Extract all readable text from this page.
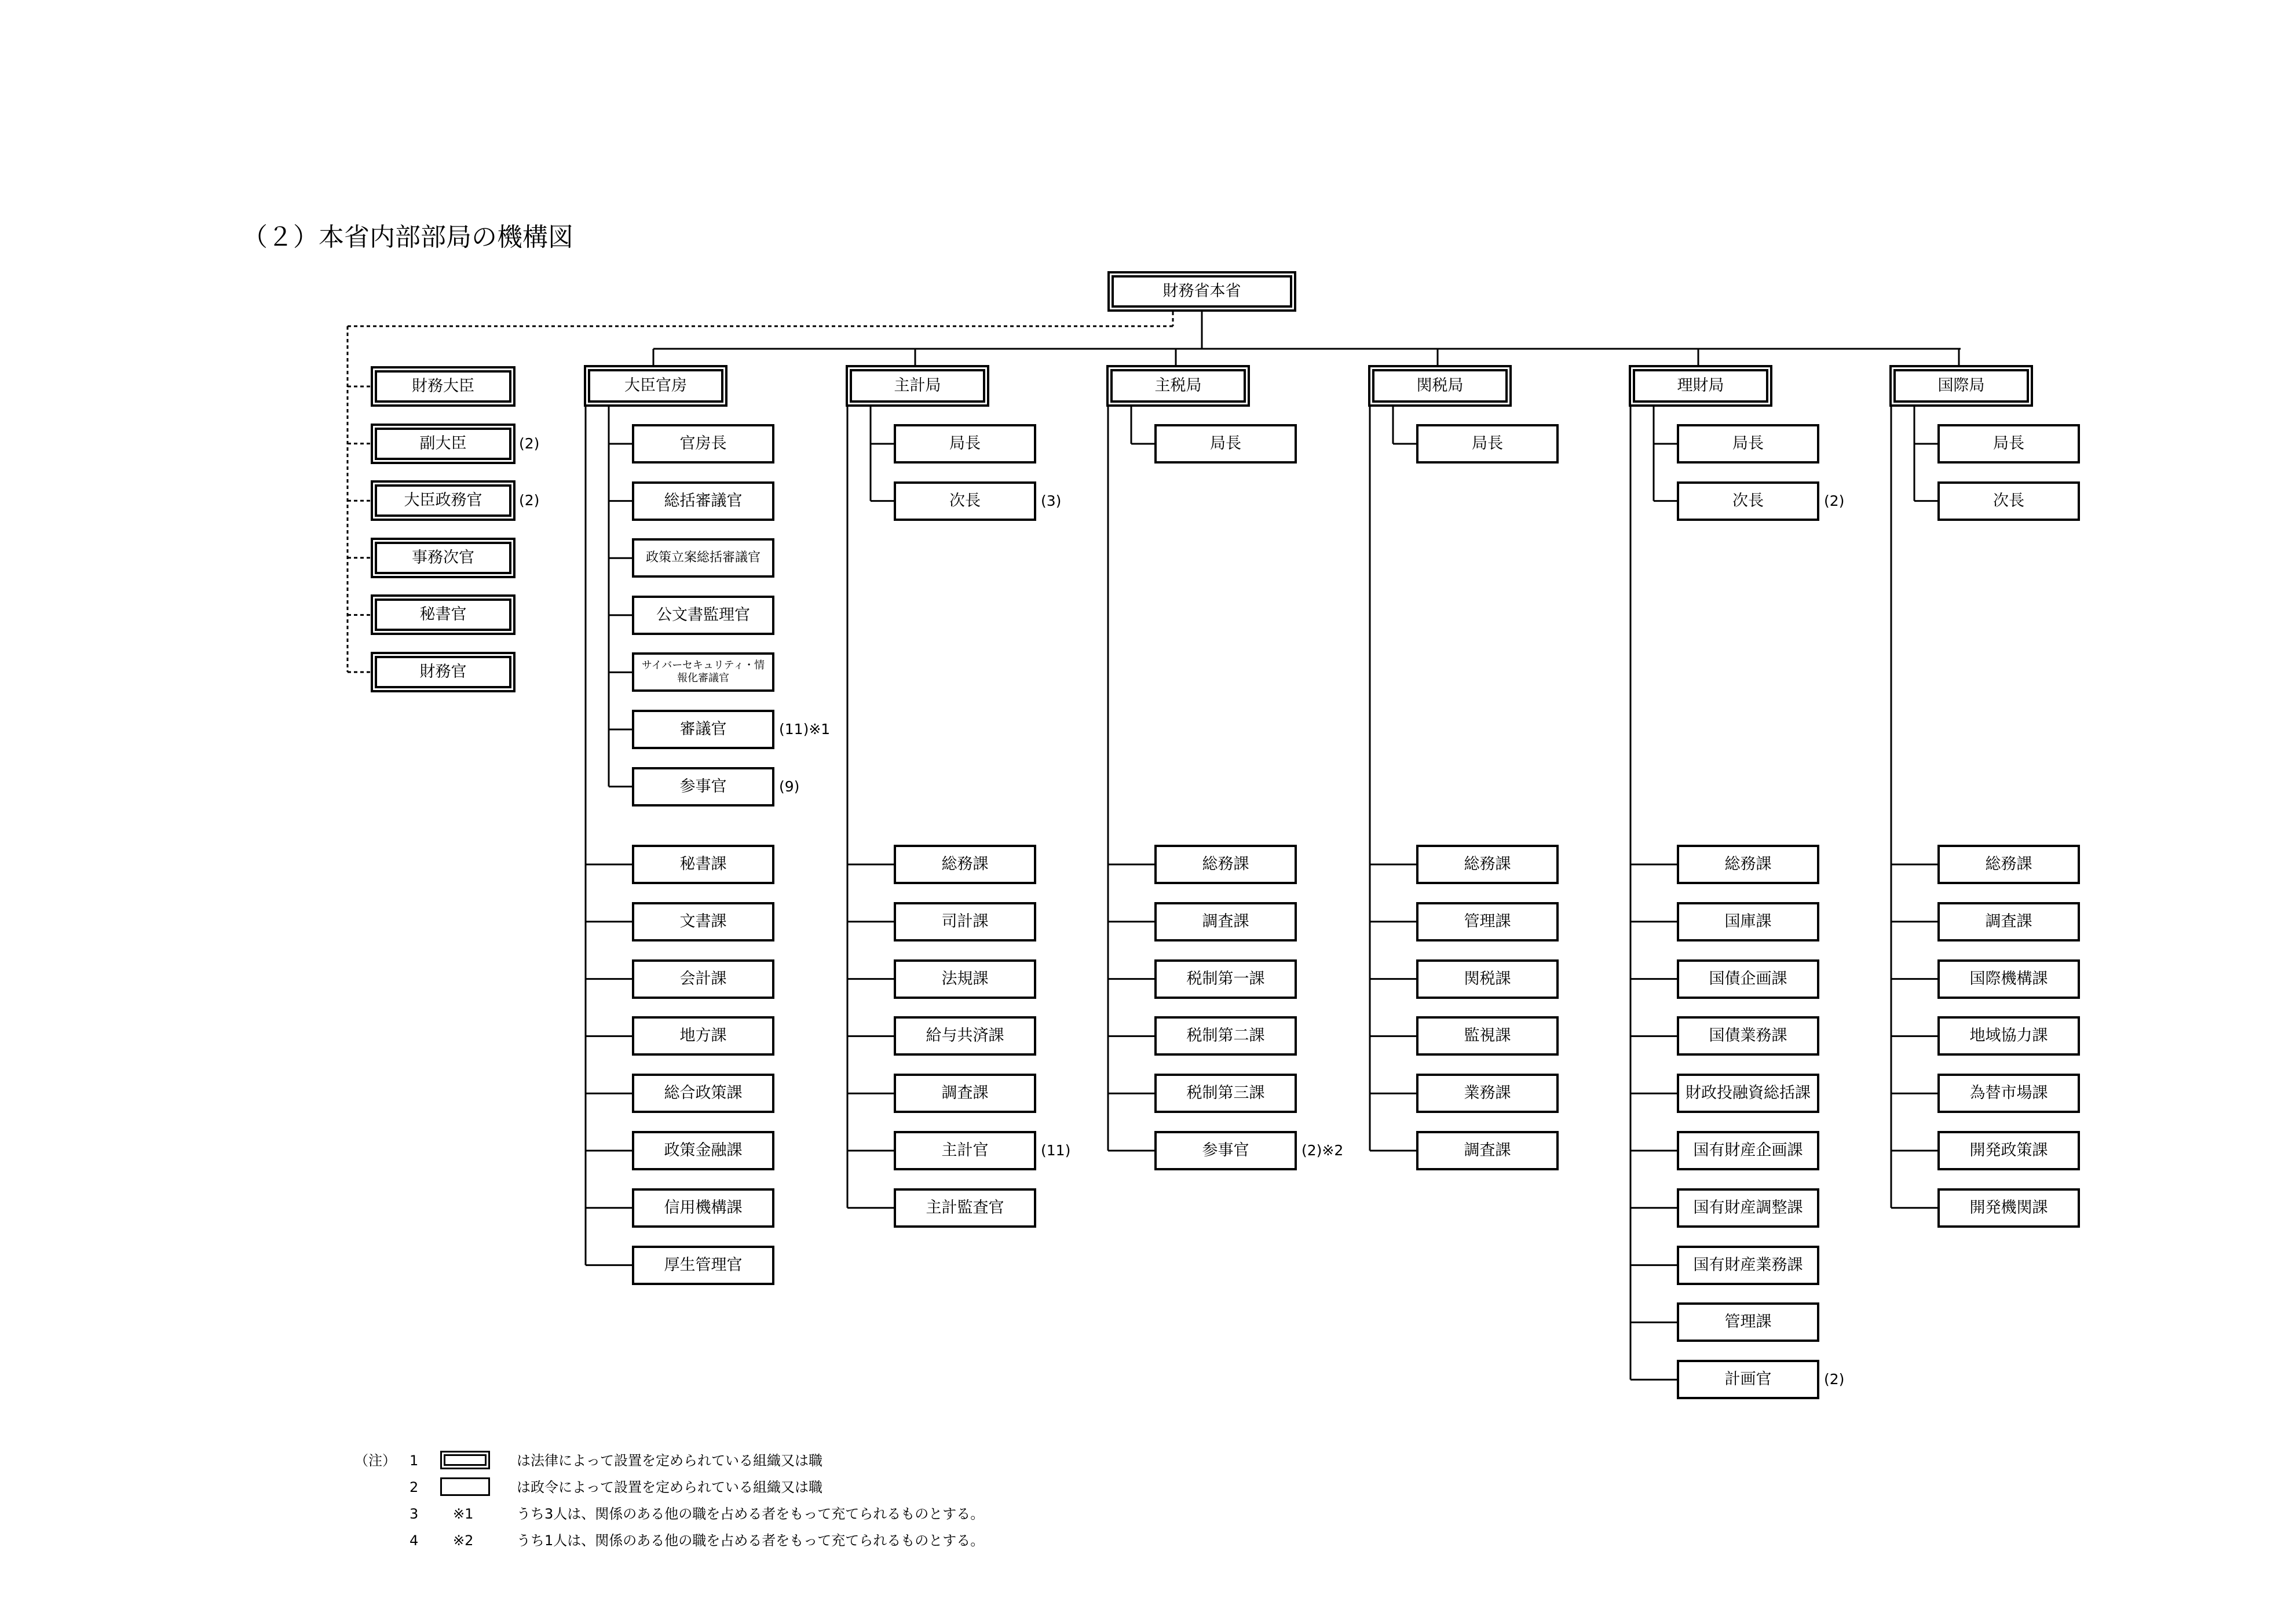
（２）本省内部部局の機構図
財務省本省
財務大臣
副大臣	(2)
大臣政務官	(2)
事務次官
秘書官
財務官
大臣官房
官房長
総括審議官
政策立案総括審議官
公文書監理官
サイバーセキュリティ・情報化審議官
審議官	(11)※1
参事官	(9)
秘書課
文書課
会計課
地方課
総合政策課
政策金融課
信用機構課
厚生管理官
主計局
局長
次長	(3)
総務課
司計課
法規課
給与共済課
調査課
主計官	(11)
主計監査官
主税局
局長
総務課
調査課
税制第一課
税制第二課
税制第三課
参事官	(2)※2
関税局
局長
総務課
管理課
関税課
監視課
業務課
調査課
理財局
局長
次長	(2)
総務課
国庫課
国債企画課
国債業務課
財政投融資総括課
国有財産企画課
国有財産調整課
国有財産業務課
管理課
計画官	(2)
国際局
局長
次長
総務課
調査課
国際機構課
地域協力課
為替市場課
開発政策課
開発機関課
（注） 1	は法律によって設置を定められている組織又は職
2	は政令によって設置を定められている組織又は職
3 ※1	うち3人は、関係のある他の職を占める者をもって充てられるものとする。
4 ※2	うち1人は、関係のある他の職を占める者をもって充てられるものとする。
